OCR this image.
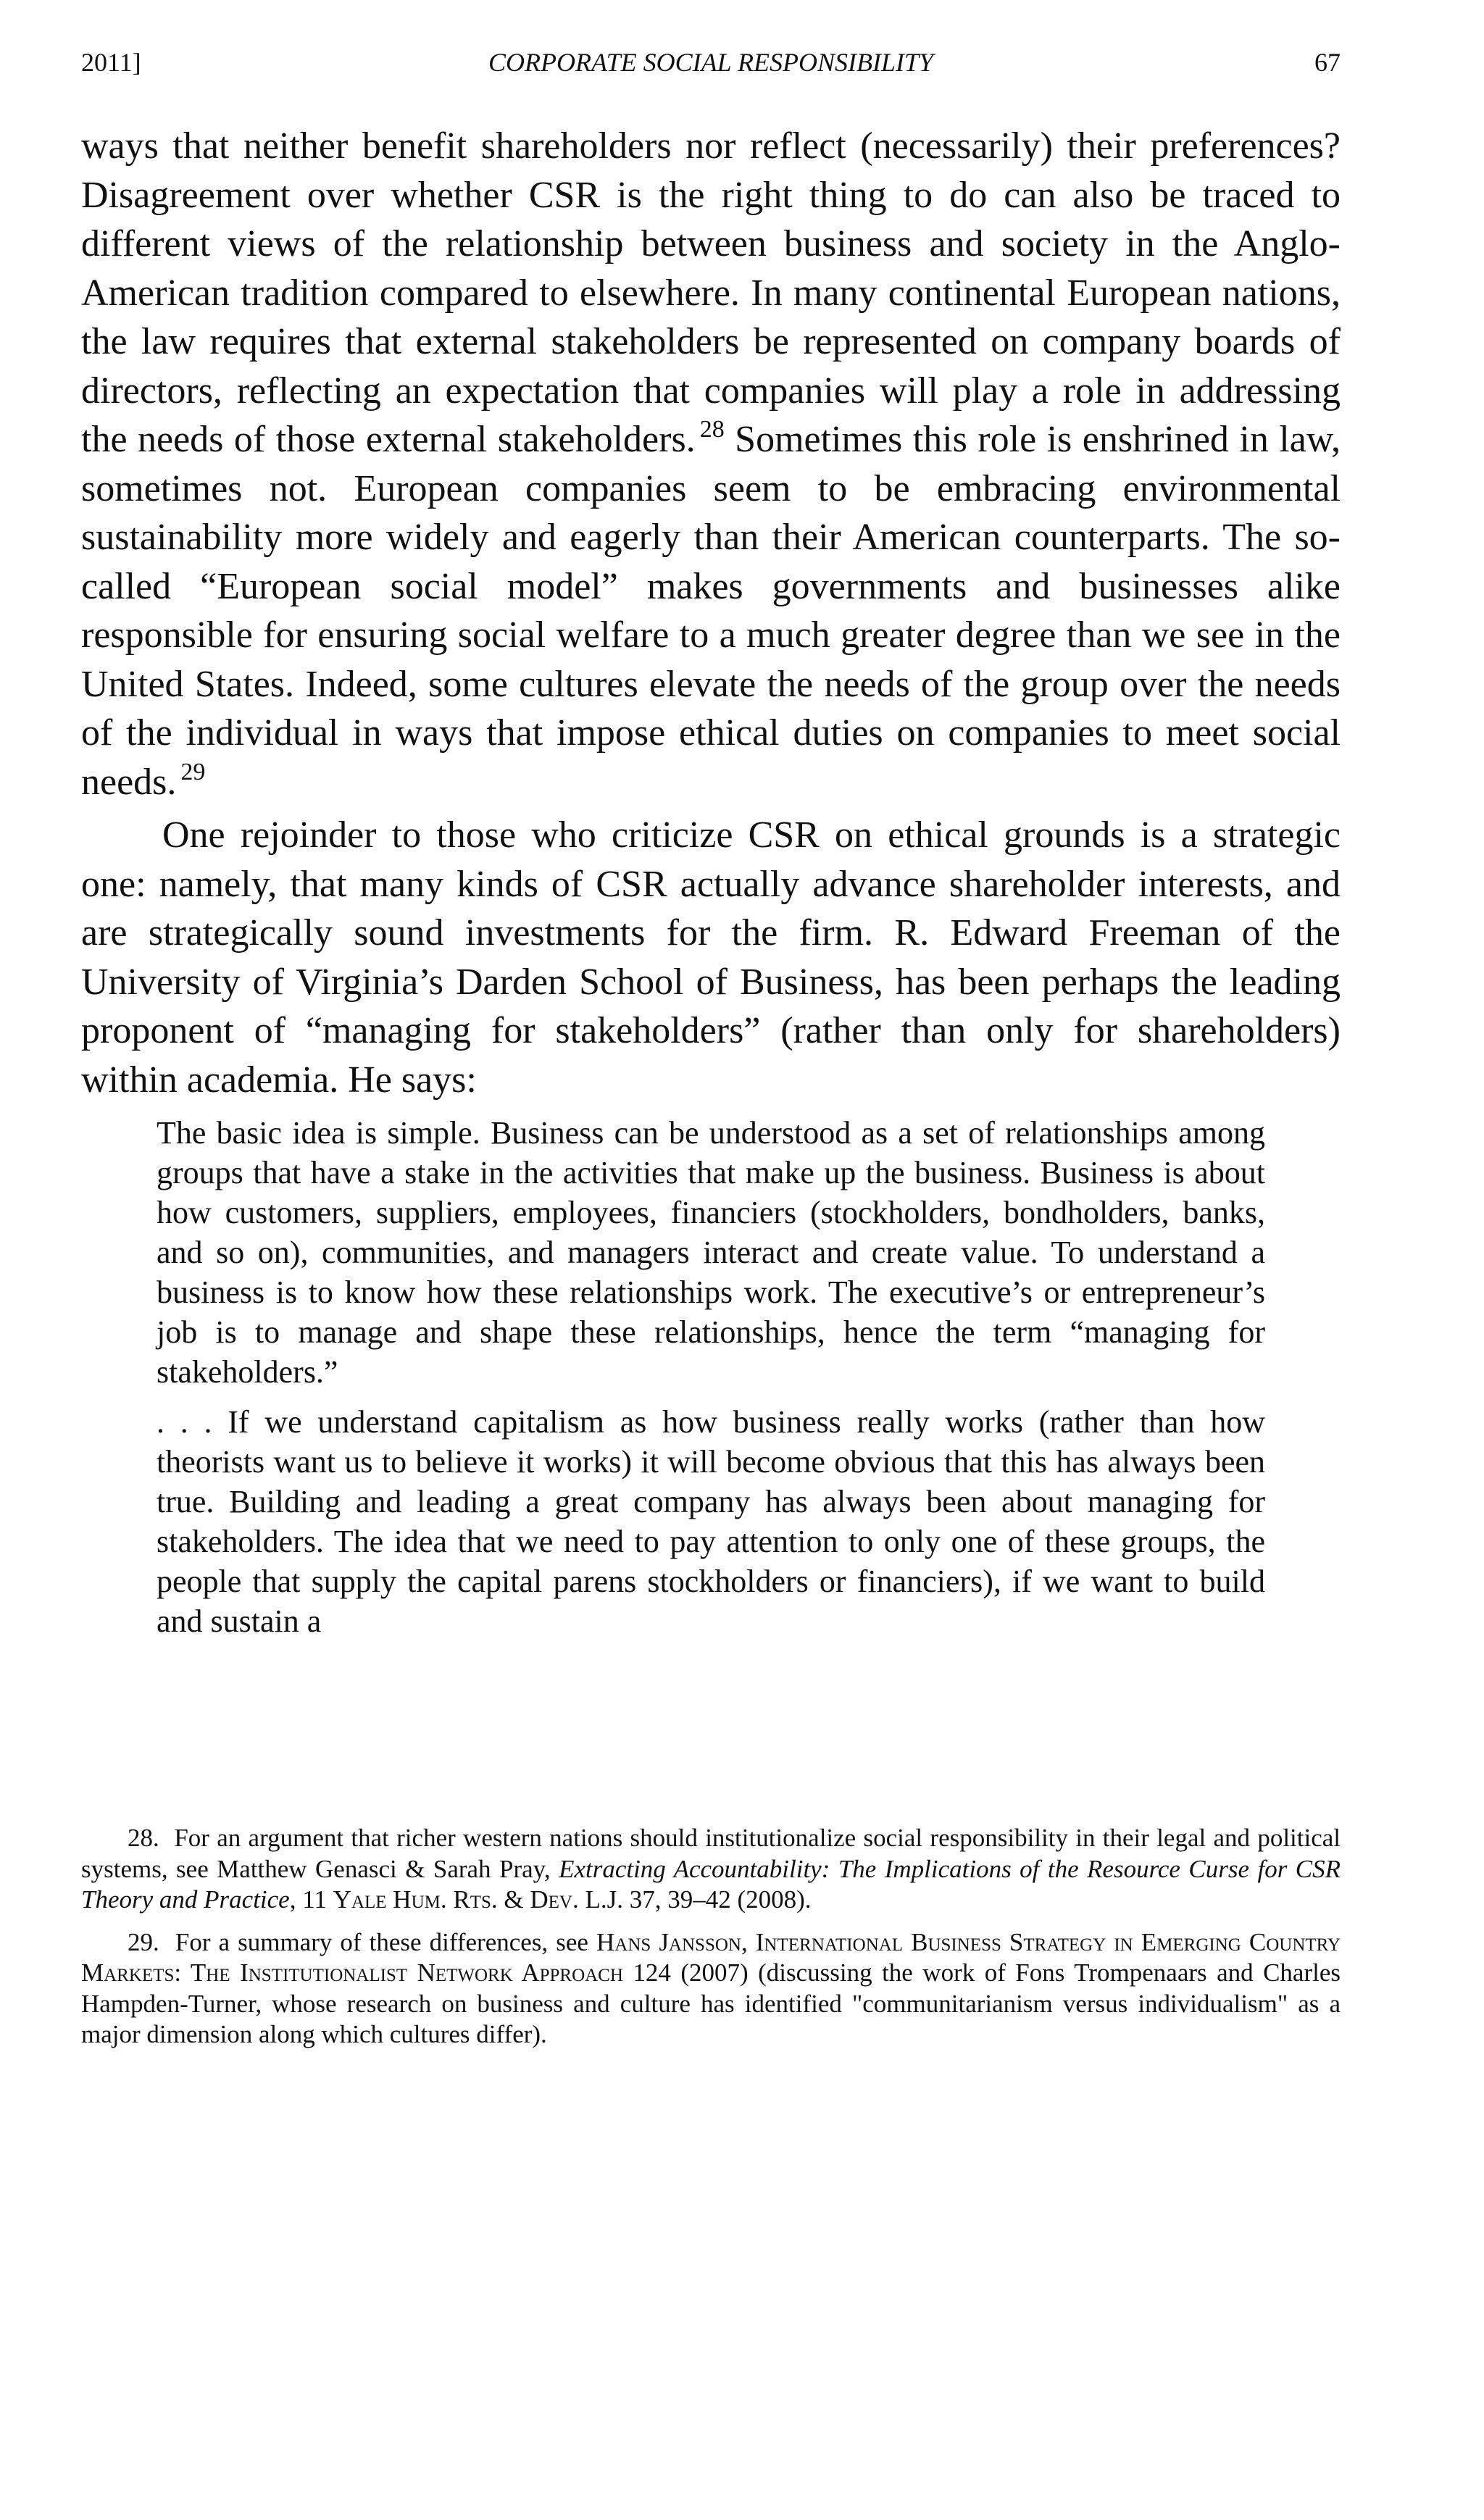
2011]	CORPORATE SOCIAL RESPONSIBILITY	67

ways that neither benefit shareholders nor reflect (necessarily) their preferences? Disagreement over whether CSR is the right thing to do can also be traced to different views of the relationship between business and society in the Anglo-American tradition compared to elsewhere. In many continental European nations, the law requires that external stakeholders be represented on company boards of directors, reflecting an expectation that companies will play a role in addressing the needs of those external stakeholders. $^{28}$ Sometimes this role is enshrined in law, sometimes not. European companies seem to be embracing environmental sustainability more widely and eagerly than their American counterparts. The so-called “European social model” makes governments and businesses alike responsible for ensuring social welfare to a much greater degree than we see in the United States. Indeed, some cultures elevate the needs of the group over the needs of the individual in ways that impose ethical duties on companies to meet social needs. $^{29}$

One rejoinder to those who criticize CSR on ethical grounds is a strategic one: namely, that many kinds of CSR actually advance shareholder interests, and are strategically sound investments for the firm. R. Edward Freeman of the University of Virginia’s Darden School of Business, has been perhaps the leading proponent of “managing for stakeholders” (rather than only for shareholders) within academia. He says:

The basic idea is simple. Business can be understood as a set of relationships among groups that have a stake in the activities that make up the business. Business is about how customers, suppliers, employees, financiers (stockholders, bondholders, banks, and so on), communities, and managers interact and create value. To understand a business is to know how these relationships work. The executive’s or entrepreneur’s job is to manage and shape these relationships, hence the term “managing for stakeholders.”

. . . If we understand capitalism as how business really works (rather than how theorists want us to believe it works) it will become obvious that this has always been true. Building and leading a great company has always been about managing for stakeholders. The idea that we need to pay attention to only one of these groups, the people that supply the capital parens stockholders or financiers), if we want to build and sustain a

28. For an argument that richer western nations should institutionalize social responsibility in their legal and political systems, see Matthew Genasci & Sarah Pray, Extracting Accountability: The Implications of the Resource Curse for CSR Theory and Practice, 11 Yale Hum. Rts. & Dev. L.J. 37, 39–42 (2008).

29. For a summary of these differences, see Hans Jansson, International Business Strategy in Emerging Country Markets: The Institutionalist Network Approach 124 (2007) (discussing the work of Fons Trompenaars and Charles Hampden-Turner, whose research on business and culture has identified "communitarianism versus individualism" as a major dimension along which cultures differ).
